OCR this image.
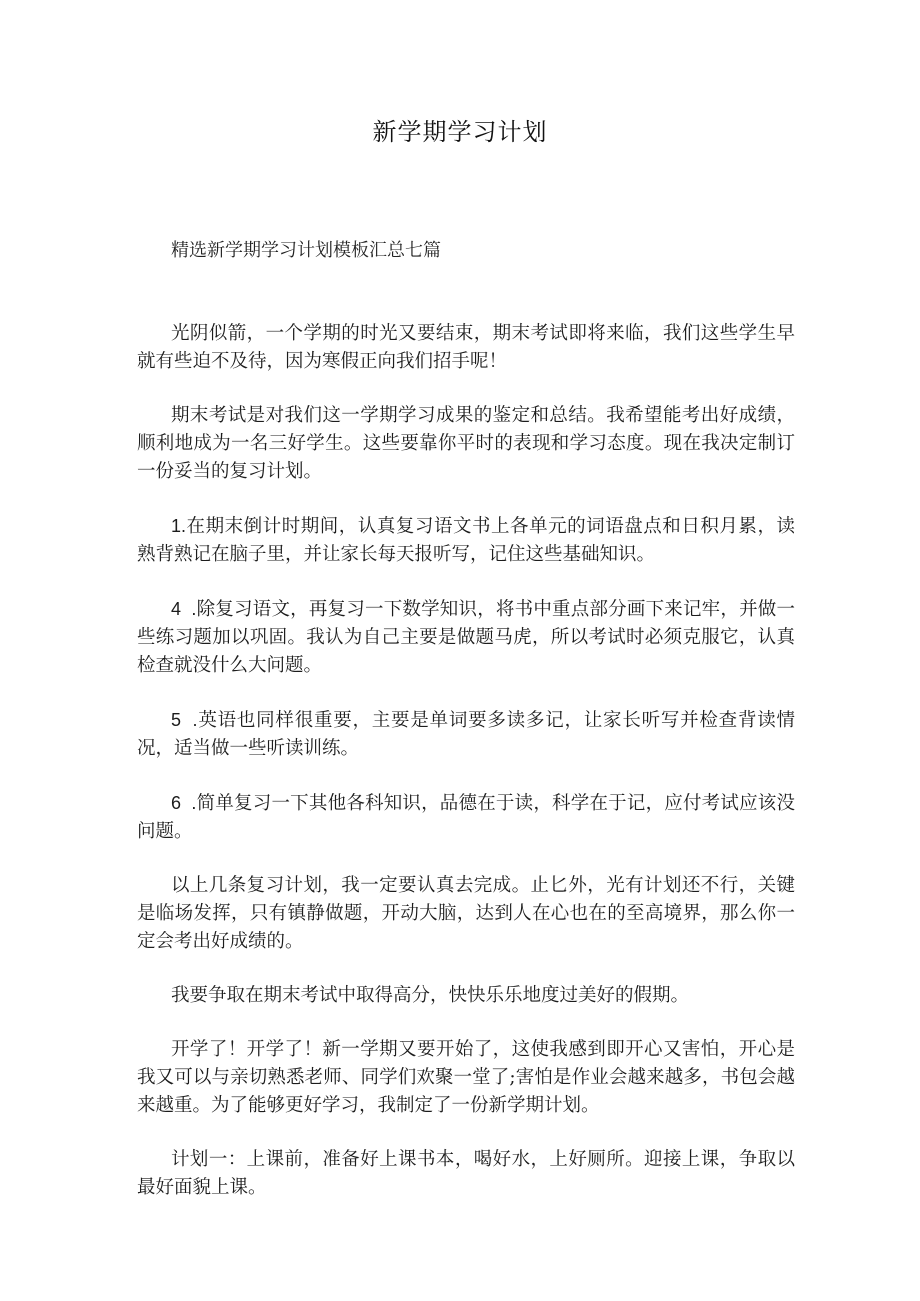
新学期学习计划
精选新学期学习计划模板汇总七篇

光阴似箭，一个学期的时光又要结束，期末考试即将来临，我们这些学生早就有些迫不及待，因为寒假正向我们招手呢！

期末考试是对我们这一学期学习成果的鉴定和总结。我希望能考出好成绩，顺利地成为一名三好学生。这些要靠你平时的表现和学习态度。现在我决定制订一份妥当的复习计划。

1.在期末倒计时期间，认真复习语文书上各单元的词语盘点和日积月累，读熟背熟记在脑子里，并让家长每天报听写，记住这些基础知识。

4  .除复习语文，再复习一下数学知识，将书中重点部分画下来记牢，并做一些练习题加以巩固。我认为自己主要是做题马虎，所以考试时必须克服它，认真检查就没什么大问题。

5  .英语也同样很重要，主要是单词要多读多记，让家长听写并检查背读情况，适当做一些听读训练。

6  .简单复习一下其他各科知识，品德在于读，科学在于记，应付考试应该没问题。

以上几条复习计划，我一定要认真去完成。止匕外，光有计划还不行，关键是临场发挥，只有镇静做题，开动大脑，达到人在心也在的至高境界，那么你一定会考出好成绩的。

我要争取在期末考试中取得高分，快快乐乐地度过美好的假期。

开学了！开学了！新一学期又要开始了，这使我感到即开心又害怕，开心是我又可以与亲切熟悉老师、同学们欢聚一堂了;害怕是作业会越来越多，书包会越来越重。为了能够更好学习，我制定了一份新学期计划。

计划一：上课前，准备好上课书本，喝好水，上好厕所。迎接上课，争取以最好面貌上课。
